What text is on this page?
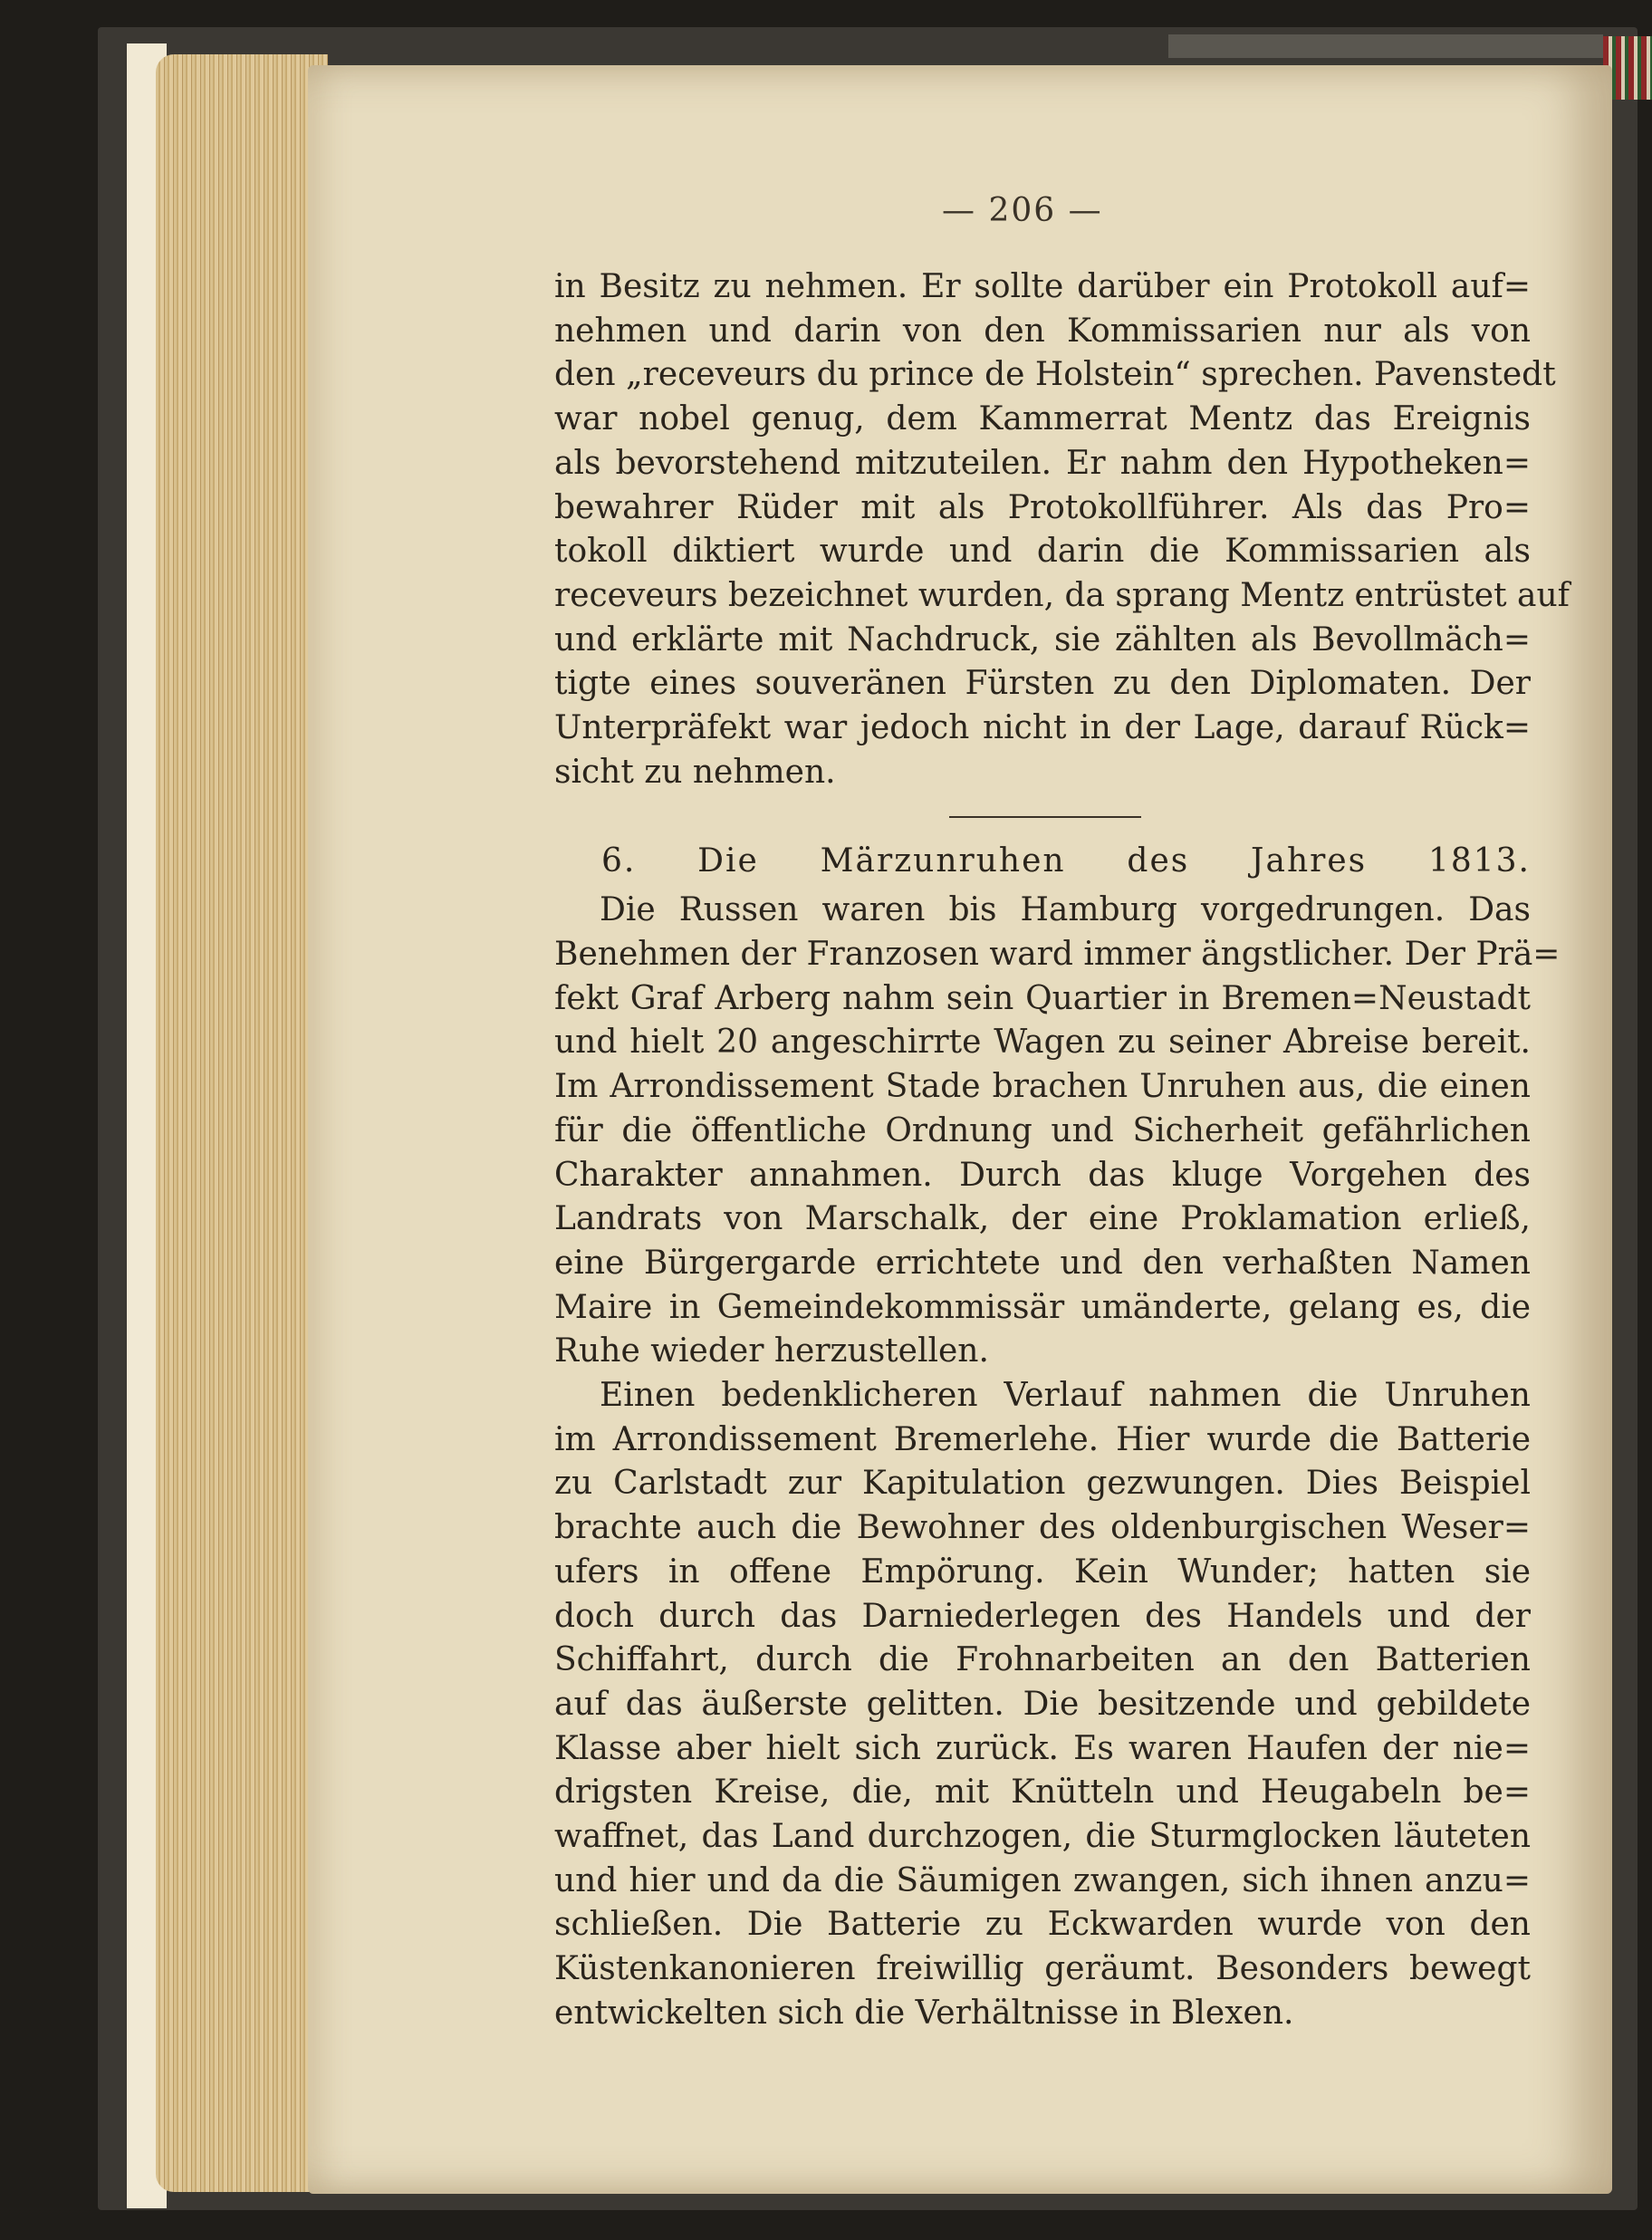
— 206 —
in Besitz zu nehmen. Er sollte darüber ein Protokoll auf=
nehmen und darin von den Kommissarien nur als von
den „receveurs du prince de Holstein“ sprechen. Pavenstedt
war nobel genug, dem Kammerrat Mentz das Ereignis
als bevorstehend mitzuteilen. Er nahm den Hypotheken=
bewahrer Rüder mit als Protokollführer. Als das Pro=
tokoll diktiert wurde und darin die Kommissarien als
receveurs bezeichnet wurden, da sprang Mentz entrüstet auf
und erklärte mit Nachdruck, sie zählten als Bevollmäch=
tigte eines souveränen Fürsten zu den Diplomaten. Der
Unterpräfekt war jedoch nicht in der Lage, darauf Rück=
sicht zu nehmen.
6. Die Märzunruhen des Jahres 1813.
Die Russen waren bis Hamburg vorgedrungen. Das
Benehmen der Franzosen ward immer ängstlicher. Der Prä=
fekt Graf Arberg nahm sein Quartier in Bremen=Neustadt
und hielt 20 angeschirrte Wagen zu seiner Abreise bereit.
Im Arrondissement Stade brachen Unruhen aus, die einen
für die öffentliche Ordnung und Sicherheit gefährlichen
Charakter annahmen. Durch das kluge Vorgehen des
Landrats von Marschalk, der eine Proklamation erließ,
eine Bürgergarde errichtete und den verhaßten Namen
Maire in Gemeindekommissär umänderte, gelang es, die
Ruhe wieder herzustellen.
Einen bedenklicheren Verlauf nahmen die Unruhen
im Arrondissement Bremerlehe. Hier wurde die Batterie
zu Carlstadt zur Kapitulation gezwungen. Dies Beispiel
brachte auch die Bewohner des oldenburgischen Weser=
ufers in offene Empörung. Kein Wunder; hatten sie
doch durch das Darniederlegen des Handels und der
Schiffahrt, durch die Frohnarbeiten an den Batterien
auf das äußerste gelitten. Die besitzende und gebildete
Klasse aber hielt sich zurück. Es waren Haufen der nie=
drigsten Kreise, die, mit Knütteln und Heugabeln be=
waffnet, das Land durchzogen, die Sturmglocken läuteten
und hier und da die Säumigen zwangen, sich ihnen anzu=
schließen. Die Batterie zu Eckwarden wurde von den
Küstenkanonieren freiwillig geräumt. Besonders bewegt
entwickelten sich die Verhältnisse in Blexen.
